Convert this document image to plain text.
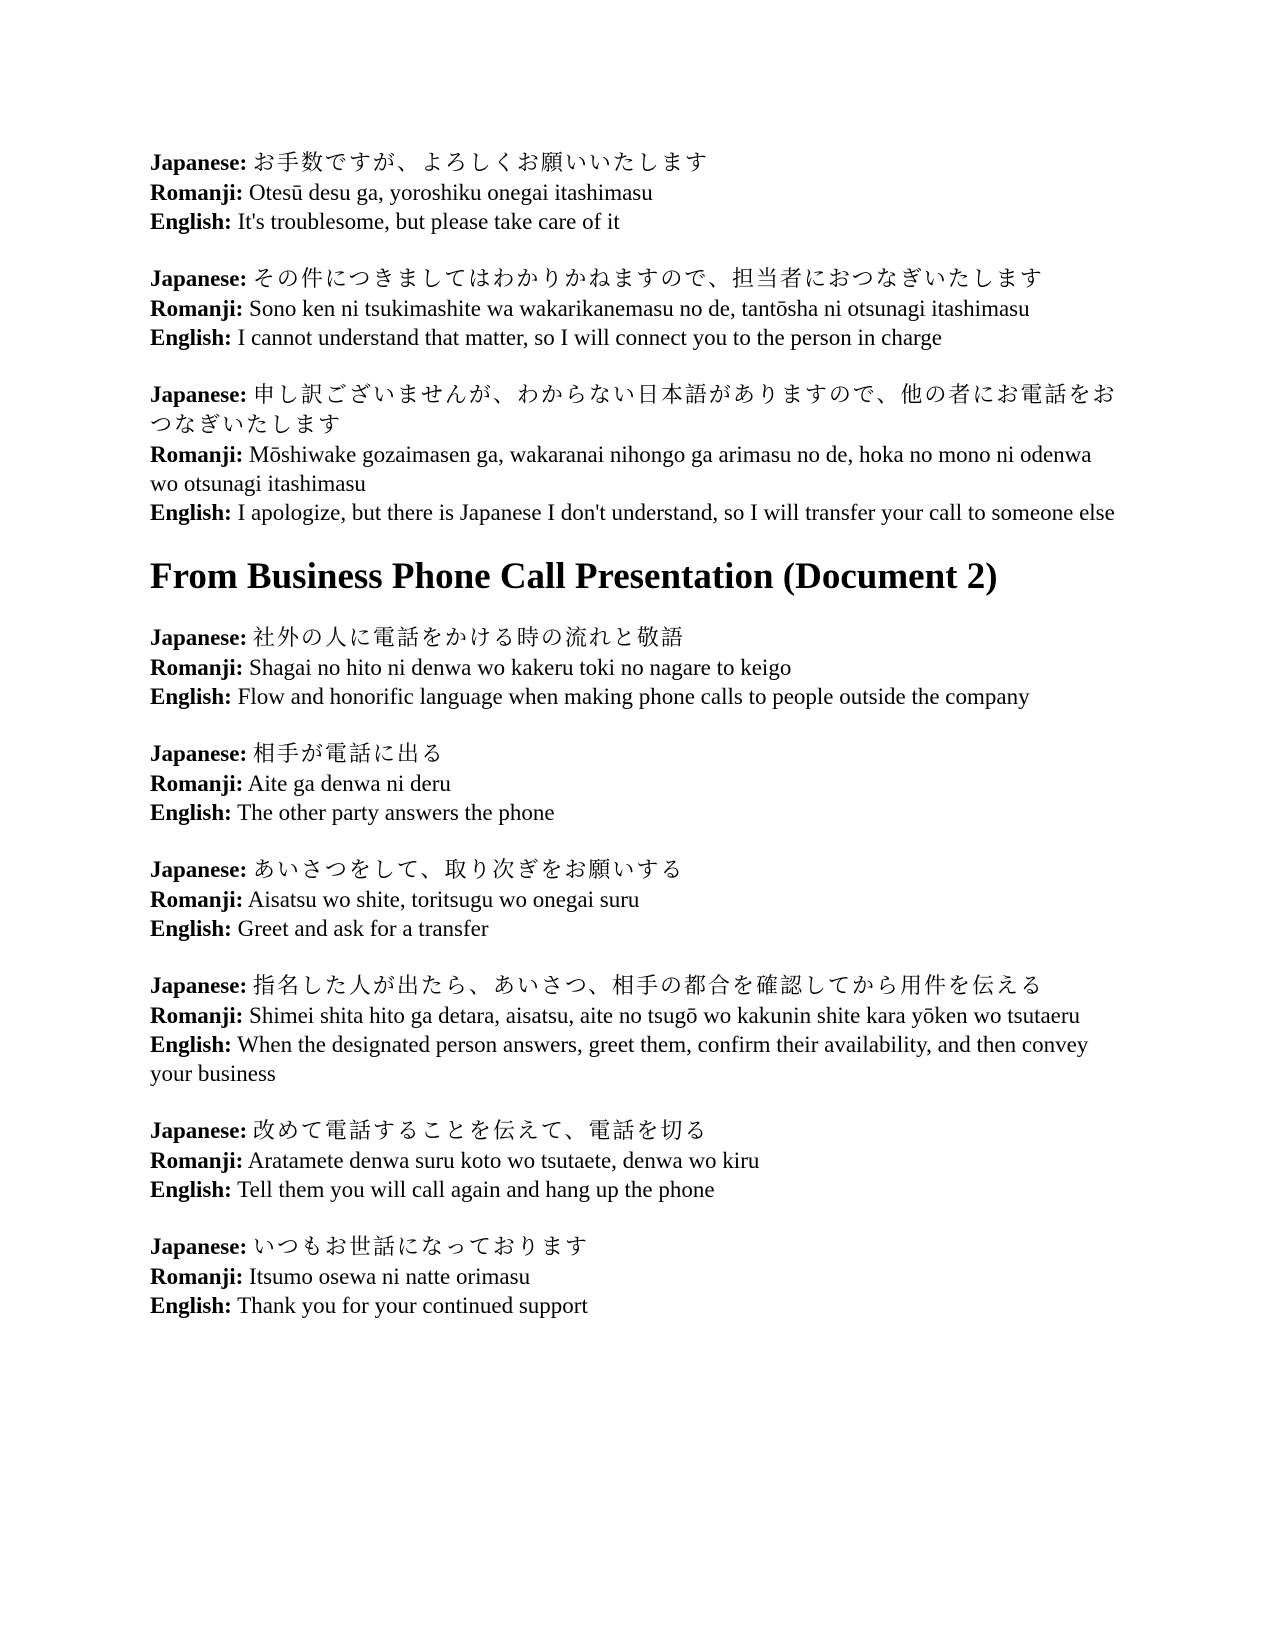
Japanese: お手数ですが、よろしくお願いいたします
Romanji: Otesū desu ga, yoroshiku onegai itashimasu
English: It's troublesome, but please take care of it
Japanese: その件につきましてはわかりかねますので、担当者におつなぎいたします
Romanji: Sono ken ni tsukimashite wa wakarikanemasu no de, tantōsha ni otsunagi itashimasu
English: I cannot understand that matter, so I will connect you to the person in charge
Japanese: 申し訳ございませんが、わからない日本語がありますので、他の者にお電話をおつなぎいたします
Romanji: Mōshiwake gozaimasen ga, wakaranai nihongo ga arimasu no de, hoka no mono ni odenwa wo otsunagi itashimasu
English: I apologize, but there is Japanese I don't understand, so I will transfer your call to someone else
From Business Phone Call Presentation (Document 2)
Japanese: 社外の人に電話をかける時の流れと敬語
Romanji: Shagai no hito ni denwa wo kakeru toki no nagare to keigo
English: Flow and honorific language when making phone calls to people outside the company
Japanese: 相手が電話に出る
Romanji: Aite ga denwa ni deru
English: The other party answers the phone
Japanese: あいさつをして、取り次ぎをお願いする
Romanji: Aisatsu wo shite, toritsugu wo onegai suru
English: Greet and ask for a transfer
Japanese: 指名した人が出たら、あいさつ、相手の都合を確認してから用件を伝える
Romanji: Shimei shita hito ga detara, aisatsu, aite no tsugō wo kakunin shite kara yōken wo tsutaeru
English: When the designated person answers, greet them, confirm their availability, and then convey your business
Japanese: 改めて電話することを伝えて、電話を切る
Romanji: Aratamete denwa suru koto wo tsutaete, denwa wo kiru
English: Tell them you will call again and hang up the phone
Japanese: いつもお世話になっております
Romanji: Itsumo osewa ni natte orimasu
English: Thank you for your continued support
